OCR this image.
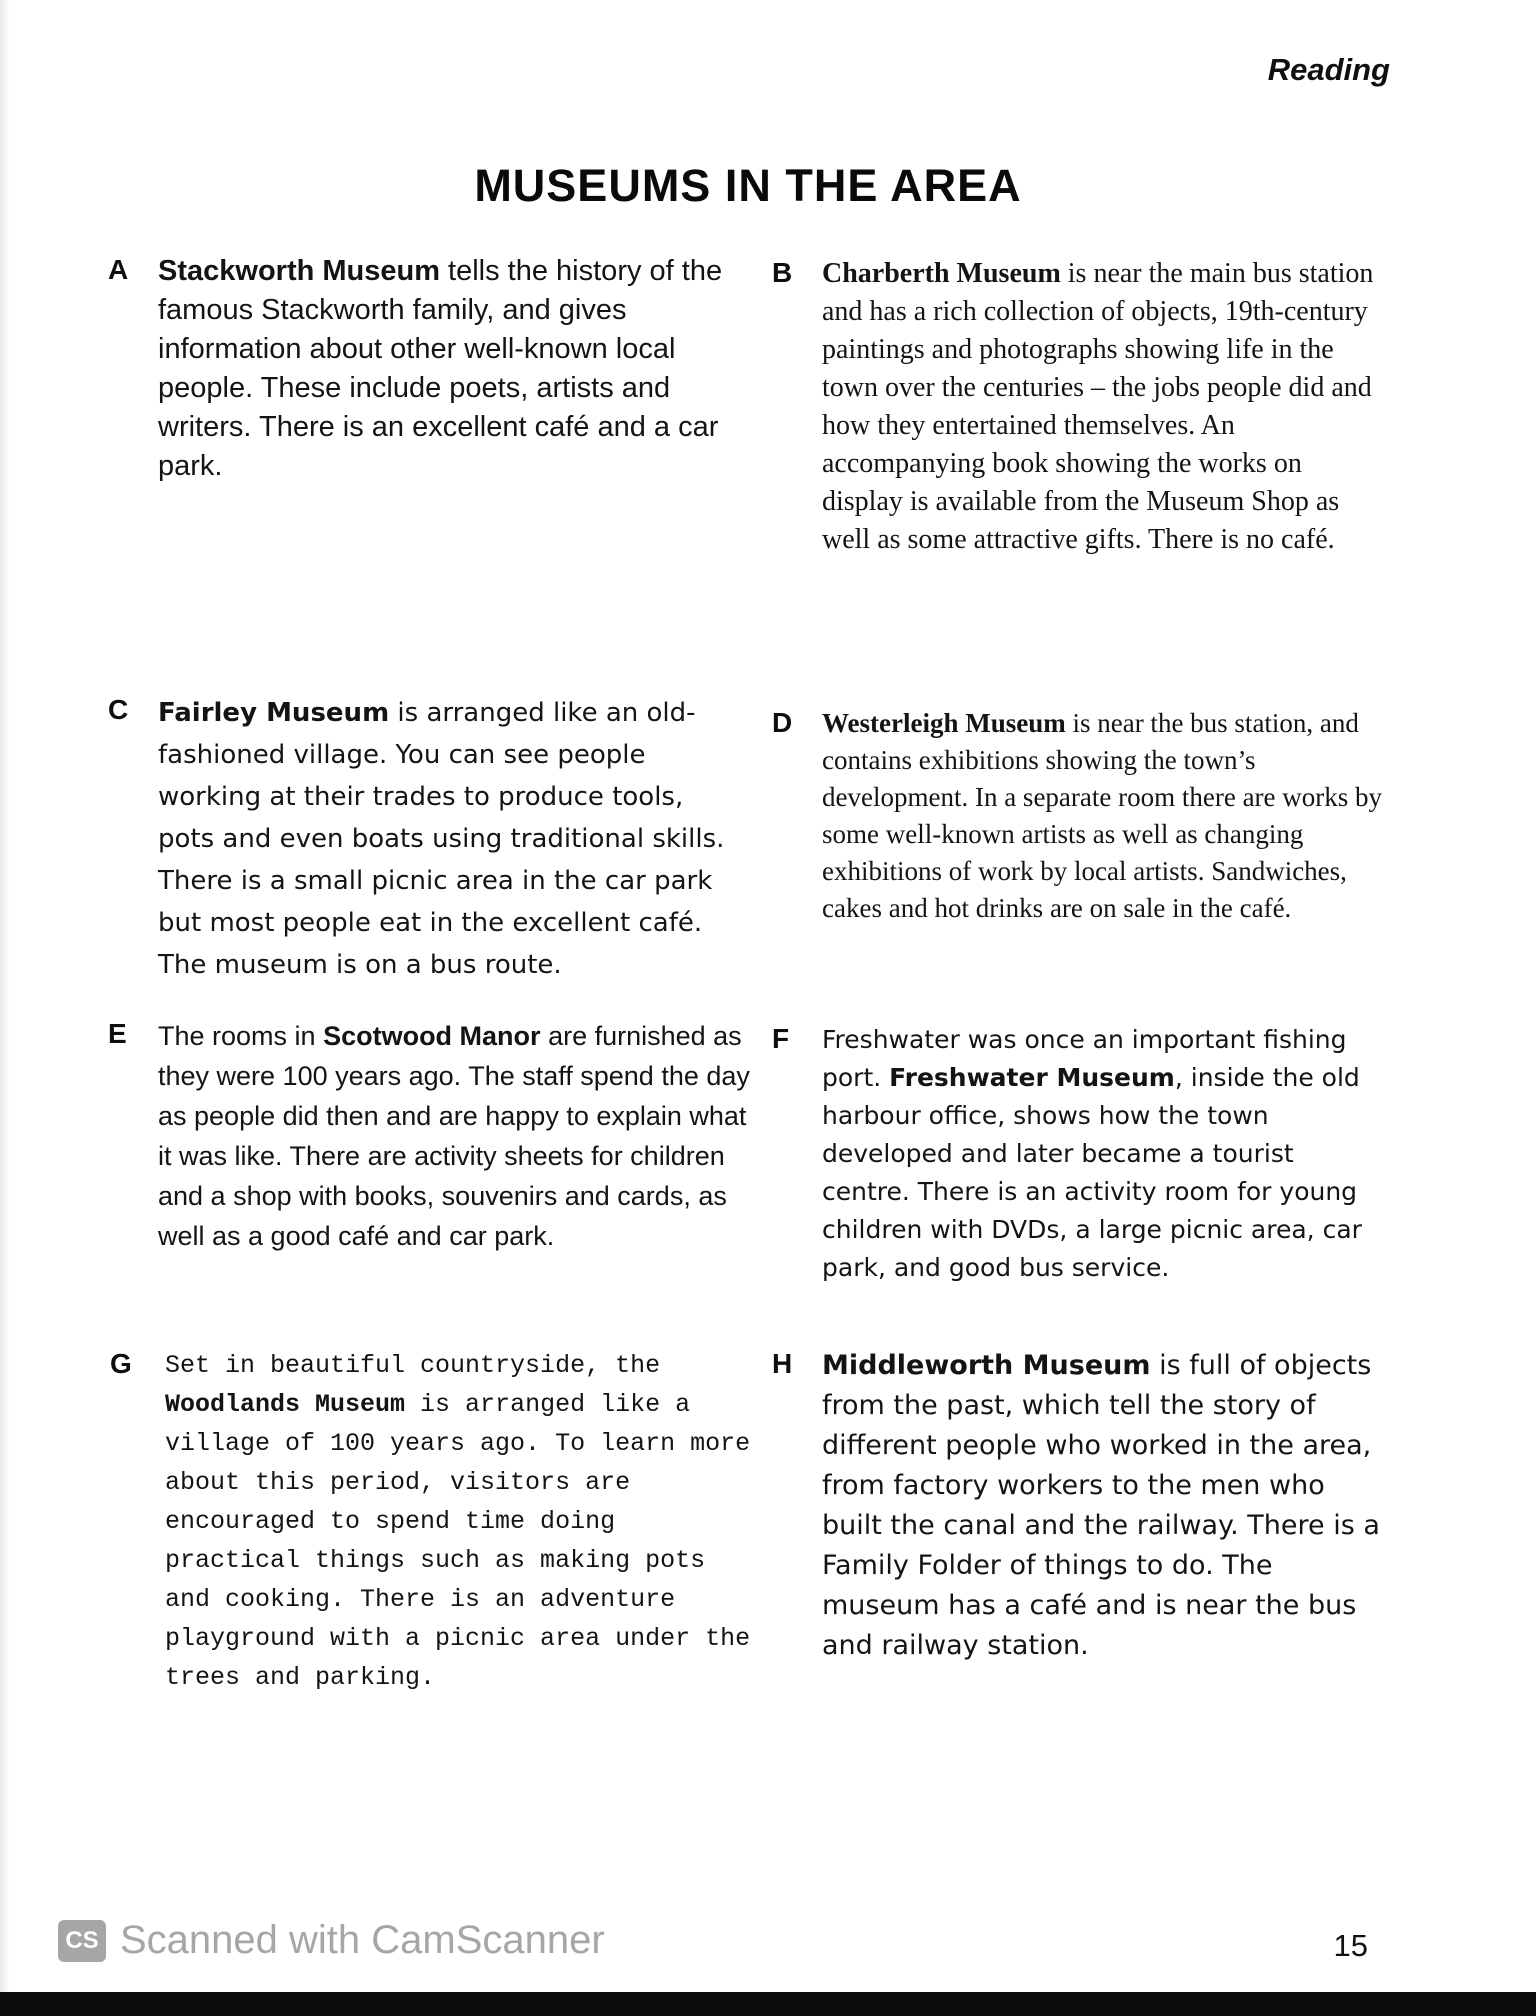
Reading
MUSEUMS IN THE AREA
A	Stackworth Museum tells the history of the famous Stackworth family, and gives information about other well-known local people. These include poets, artists and writers. There is an excellent café and a car park.
B	Charberth Museum is near the main bus station and has a rich collection of objects, 19th-century paintings and photographs showing life in the town over the centuries – the jobs people did and how they entertained themselves. An accompanying book showing the works on display is available from the Museum Shop as well as some attractive gifts. There is no café.
C	Fairley Museum is arranged like an old-fashioned village. You can see people working at their trades to produce tools, pots and even boats using traditional skills. There is a small picnic area in the car park but most people eat in the excellent café. The museum is on a bus route.
D	Westerleigh Museum is near the bus station, and contains exhibitions showing the town’s development. In a separate room there are works by some well-known artists as well as changing exhibitions of work by local artists. Sandwiches, cakes and hot drinks are on sale in the café.
E	The rooms in Scotwood Manor are furnished as they were 100 years ago. The staff spend the day as people did then and are happy to explain what it was like. There are activity sheets for children and a shop with books, souvenirs and cards, as well as a good café and car park.
F	Freshwater was once an important fishing port. Freshwater Museum, inside the old harbour office, shows how the town developed and later became a tourist centre. There is an activity room for young children with DVDs, a large picnic area, car park, and good bus service.
G	Set in beautiful countryside, the Woodlands Museum is arranged like a village of 100 years ago. To learn more about this period, visitors are encouraged to spend time doing practical things such as making pots and cooking. There is an adventure playground with a picnic area under the trees and parking.
H	Middleworth Museum is full of objects from the past, which tell the story of different people who worked in the area, from factory workers to the men who built the canal and the railway. There is a Family Folder of things to do. The museum has a café and is near the bus and railway station.
CS Scanned with CamScanner	15
